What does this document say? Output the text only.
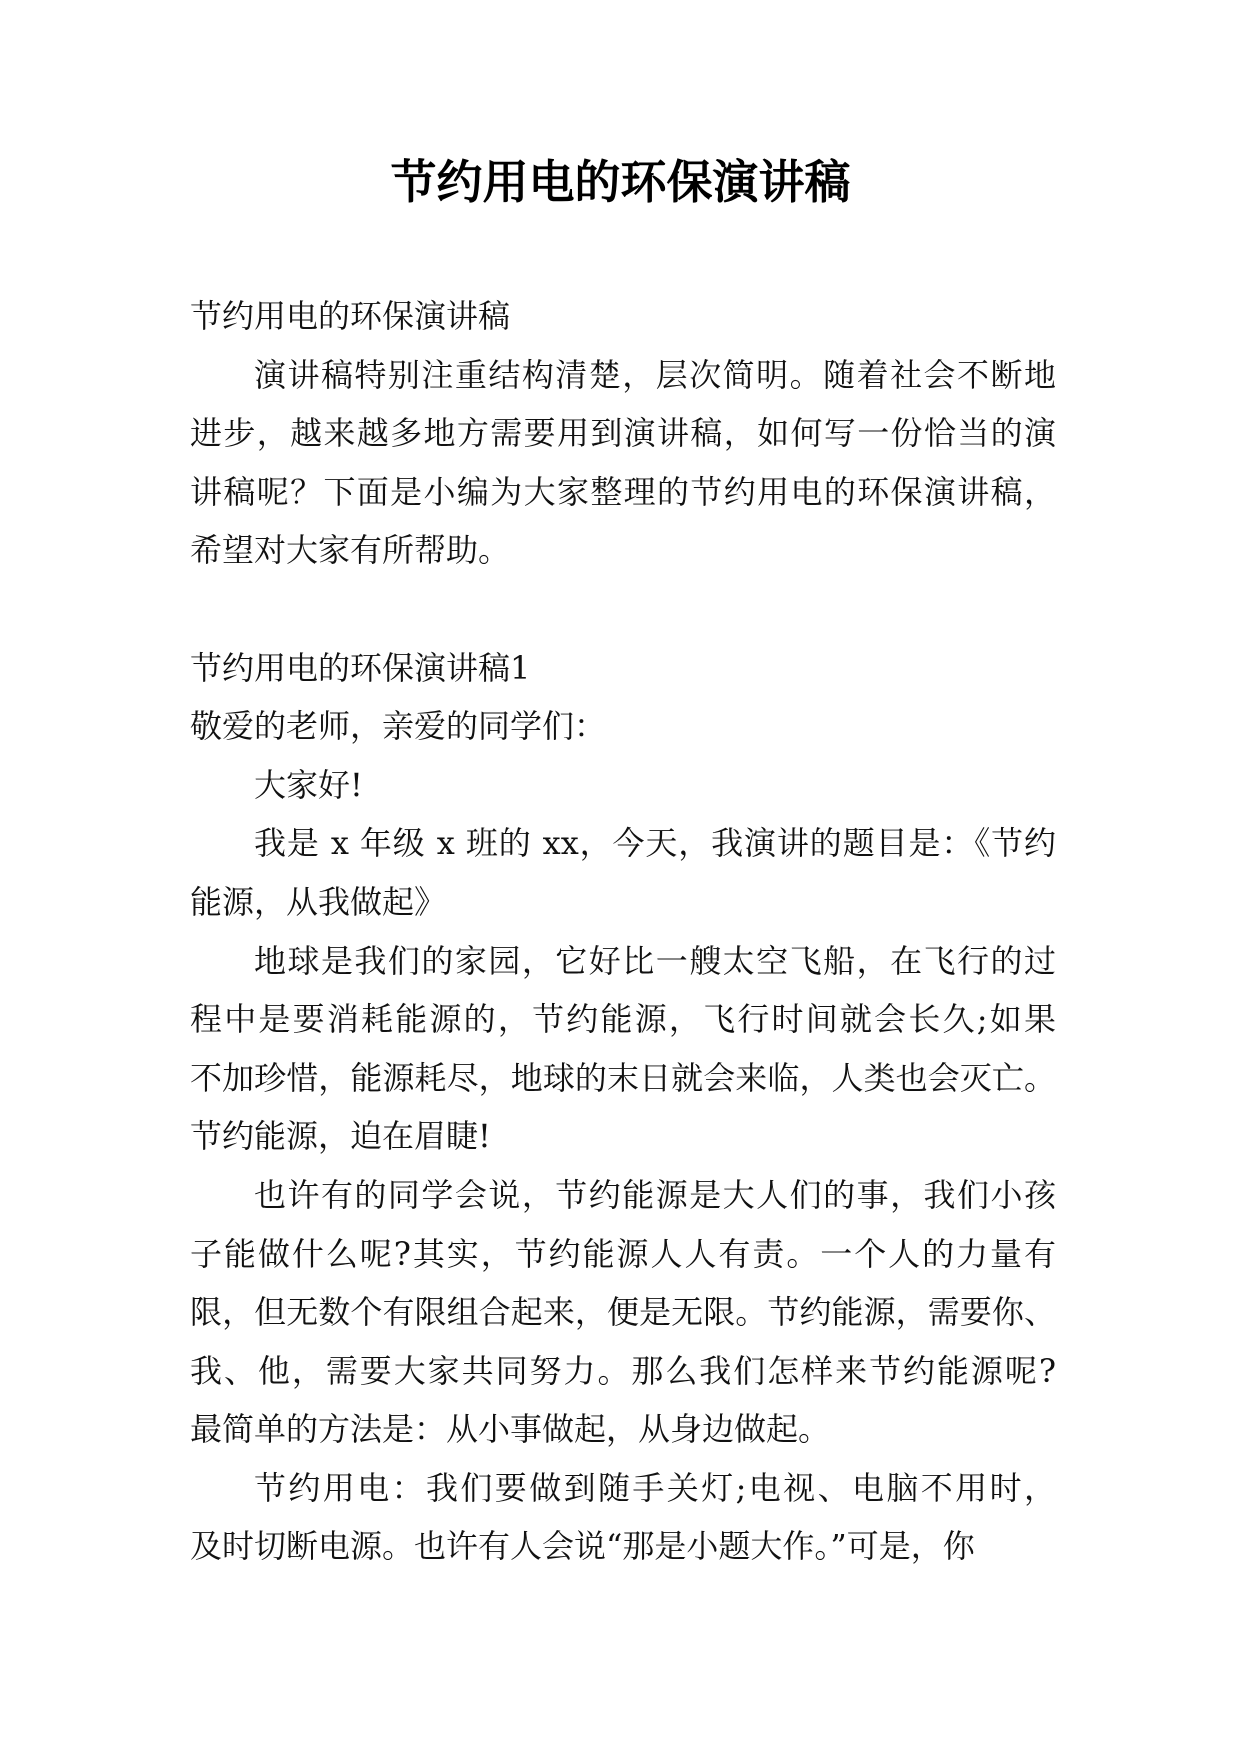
节约用电的环保演讲稿
节约用电的环保演讲稿
演讲稿特别注重结构清楚，层次简明。随着社会不断地
进步，越来越多地方需要用到演讲稿，如何写一份恰当的演
讲稿呢？下面是小编为大家整理的节约用电的环保演讲稿，
希望对大家有所帮助。
节约用电的环保演讲稿1
敬爱的老师，亲爱的同学们：
大家好!
我是 x 年级 x 班的 xx，今天，我演讲的题目是：《节约
能源，从我做起》
地球是我们的家园，它好比一艘太空飞船，在飞行的过
程中是要消耗能源的，节约能源，飞行时间就会长久;如果
不加珍惜，能源耗尽，地球的末日就会来临，人类也会灭亡。
节约能源，迫在眉睫!
也许有的同学会说，节约能源是大人们的事，我们小孩
子能做什么呢?其实，节约能源人人有责。一个人的力量有
限，但无数个有限组合起来，便是无限。节约能源，需要你、
我、他，需要大家共同努力。那么我们怎样来节约能源呢?
最简单的方法是：从小事做起，从身边做起。
节约用电：我们要做到随手关灯;电视、电脑不用时，
及时切断电源。也许有人会说“那是小题大作。”可是，你
